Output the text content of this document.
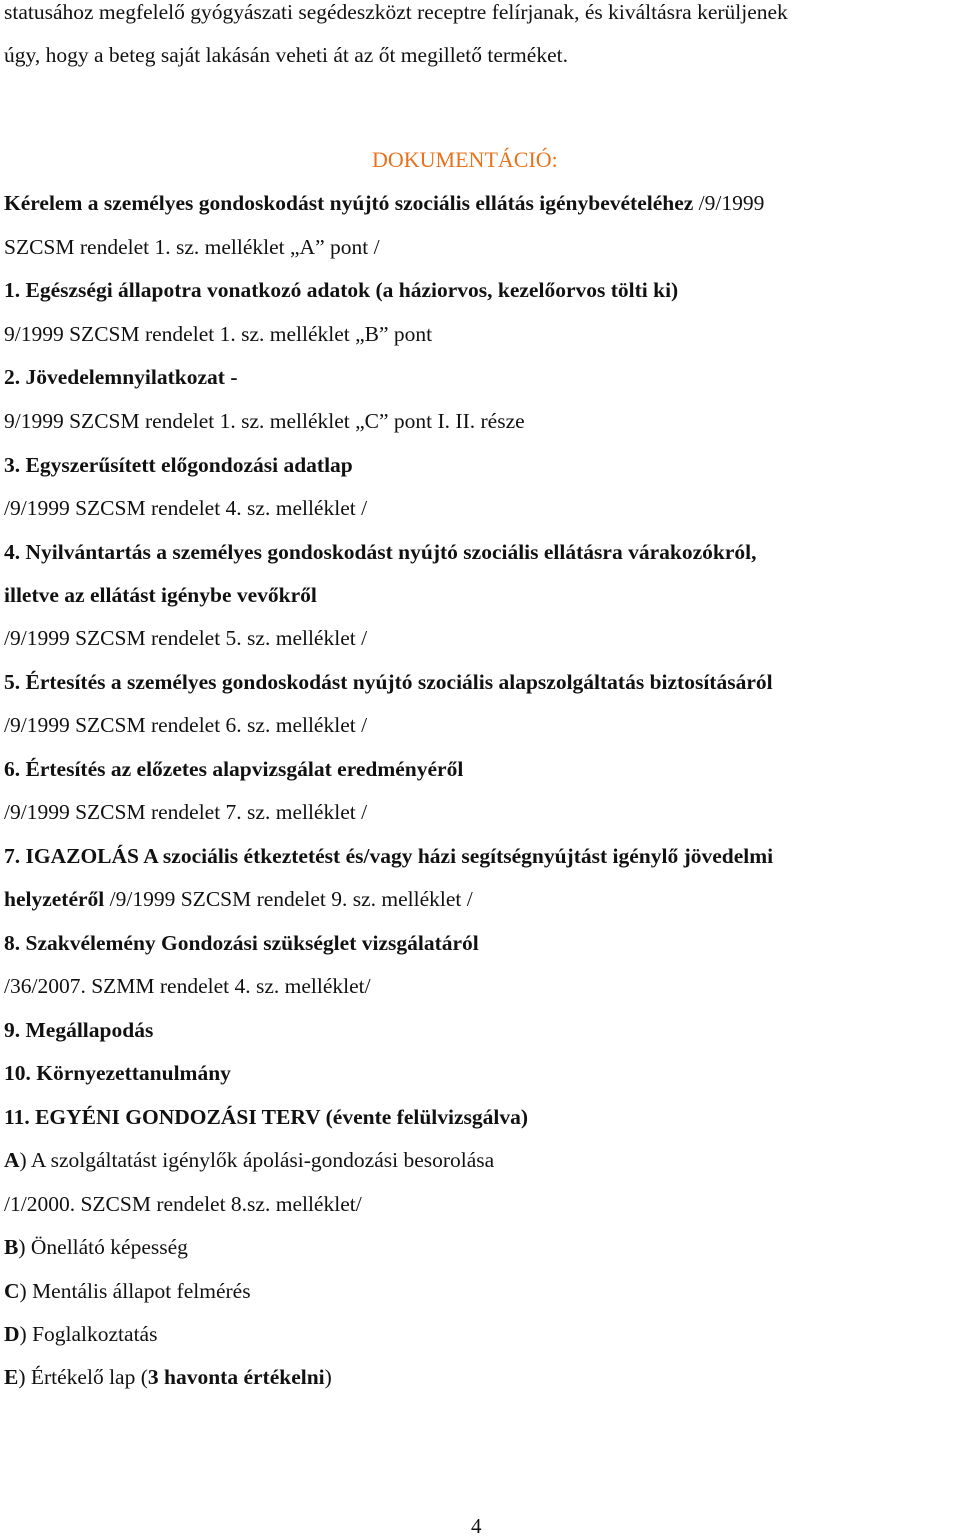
statusához megfelelő gyógyászati segédeszközt receptre felírjanak, és kiváltásra kerüljenek
úgy, hogy a beteg saját lakásán veheti át az őt megillető terméket.
DOKUMENTÁCIÓ:
Kérelem a személyes gondoskodást nyújtó szociális ellátás igénybevételéhez /9/1999
SZCSM rendelet 1. sz. melléklet „A” pont /
1. Egészségi állapotra vonatkozó adatok (a háziorvos, kezelőorvos tölti ki)
9/1999 SZCSM rendelet 1. sz. melléklet „B” pont
2. Jövedelemnyilatkozat -
9/1999 SZCSM rendelet 1. sz. melléklet „C” pont I. II. része
3. Egyszerűsített előgondozási adatlap
/9/1999 SZCSM rendelet 4. sz. melléklet /
4. Nyilvántartás a személyes gondoskodást nyújtó szociális ellátásra várakozókról,
illetve az ellátást igénybe vevőkről
/9/1999 SZCSM rendelet 5. sz. melléklet /
5. Értesítés a személyes gondoskodást nyújtó szociális alapszolgáltatás biztosításáról
/9/1999 SZCSM rendelet 6. sz. melléklet /
6. Értesítés az előzetes alapvizsgálat eredményéről
/9/1999 SZCSM rendelet 7. sz. melléklet /
7. IGAZOLÁS A szociális étkeztetést és/vagy házi segítségnyújtást igénylő jövedelmi
helyzetéről /9/1999 SZCSM rendelet 9. sz. melléklet /
8. Szakvélemény Gondozási szükséglet vizsgálatáról
/36/2007. SZMM rendelet 4. sz. melléklet/
9. Megállapodás
10. Környezettanulmány
11. EGYÉNI GONDOZÁSI TERV (évente felülvizsgálva)
A) A szolgáltatást igénylők ápolási-gondozási besorolása
/1/2000. SZCSM rendelet 8.sz. melléklet/
B) Önellátó képesség
C) Mentális állapot felmérés
D) Foglalkoztatás
E) Értékelő lap (3 havonta értékelni)
4
